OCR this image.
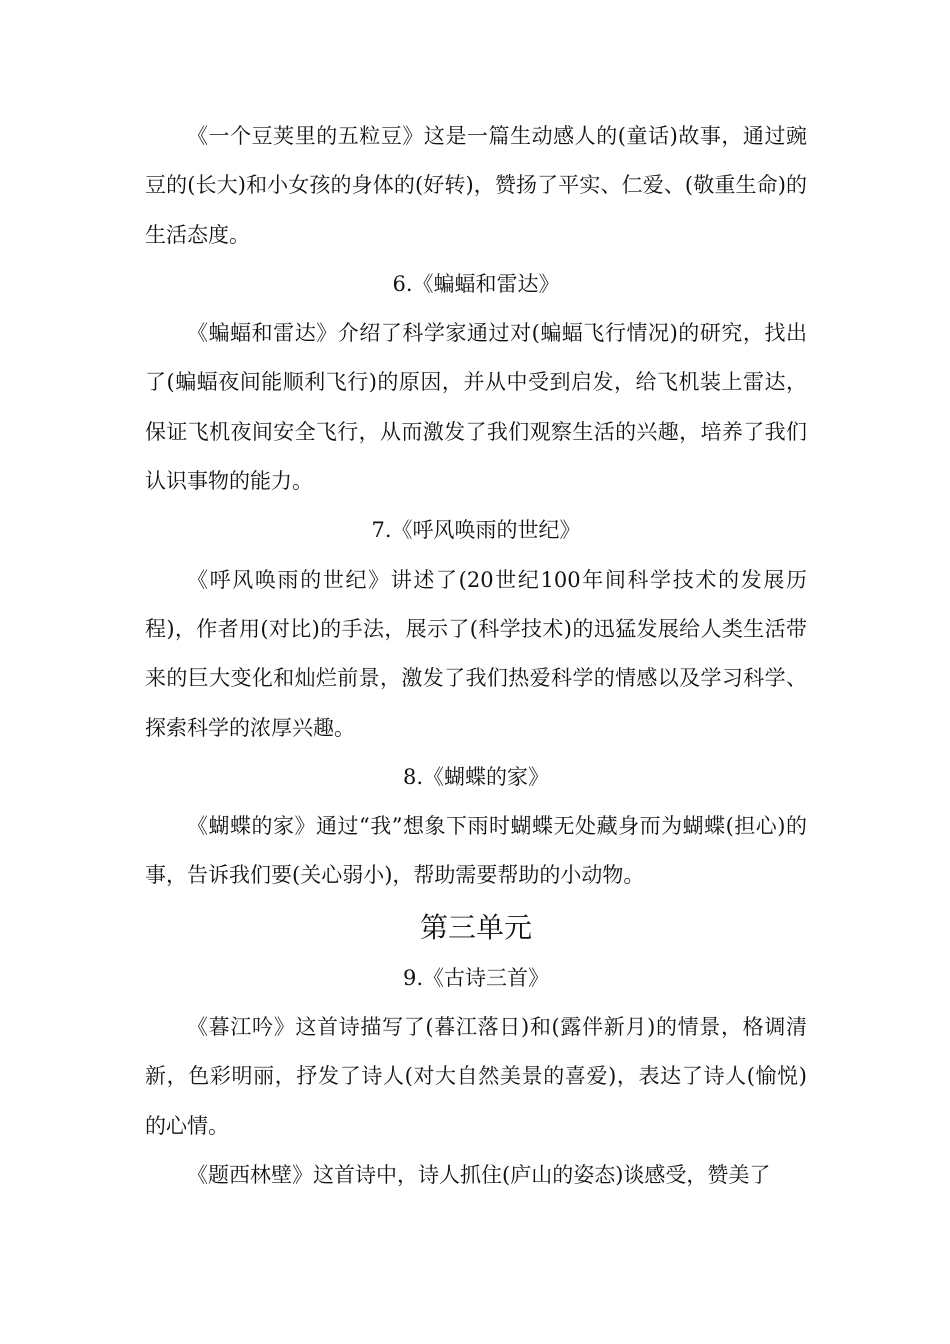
《一个豆荚里的五粒豆》这是一篇生动感人的(童话)故事，通过豌豆的(长大)和小女孩的身体的(好转)，赞扬了平实、仁爱、(敬重生命)的生活态度。

6.《蝙蝠和雷达》

《蝙蝠和雷达》介绍了科学家通过对(蝙蝠飞行情况)的研究，找出了(蝙蝠夜间能顺利飞行)的原因，并从中受到启发，给飞机装上雷达，保证飞机夜间安全飞行，从而激发了我们观察生活的兴趣，培养了我们认识事物的能力。

7.《呼风唤雨的世纪》

《呼风唤雨的世纪》讲述了(20世纪100年间科学技术的发展历程)，作者用(对比)的手法，展示了(科学技术)的迅猛发展给人类生活带来的巨大变化和灿烂前景，激发了我们热爱科学的情感以及学习科学、探索科学的浓厚兴趣。

8.《蝴蝶的家》

《蝴蝶的家》通过“我”想象下雨时蝴蝶无处藏身而为蝴蝶(担心)的事，告诉我们要(关心弱小)，帮助需要帮助的小动物。

第三单元

9.《古诗三首》

《暮江吟》这首诗描写了(暮江落日)和(露伴新月)的情景，格调清新，色彩明丽，抒发了诗人(对大自然美景的喜爱)，表达了诗人(愉悦)的心情。

《题西林壁》这首诗中，诗人抓住(庐山的姿态)谈感受，赞美了
